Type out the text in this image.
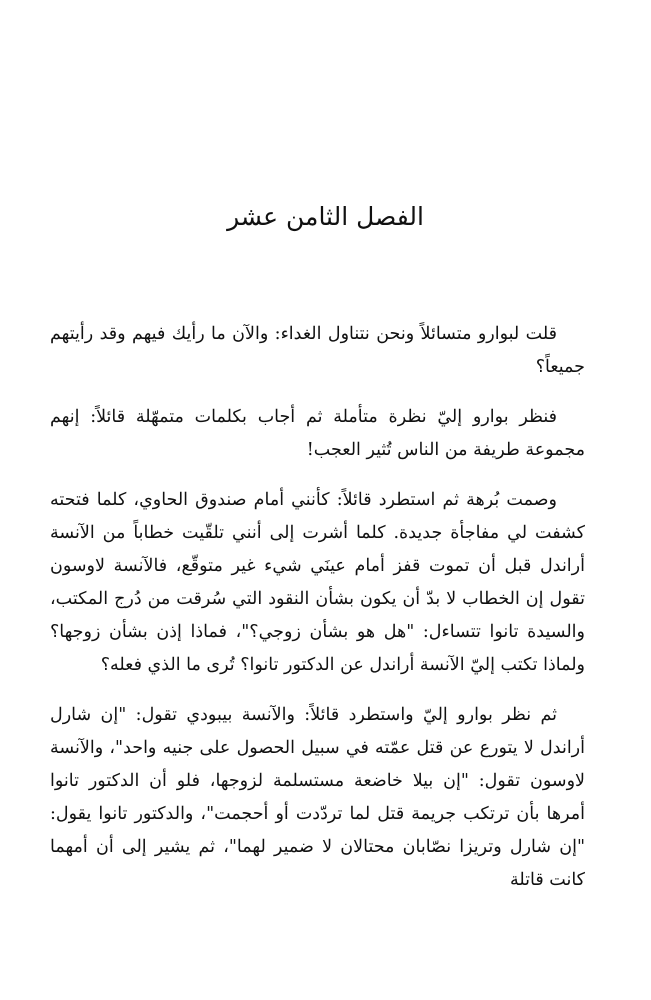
الفصل الثامن عشر

قلت لبوارو متسائلاً ونحن نتناول الغداء: والآن ما رأيك فيهم وقد رأيتهم جميعاً؟

فنظر بوارو إليّ نظرة متأملة ثم أجاب بكلمات متمهّلة قائلاً: إنهم مجموعة طريفة من الناس تُثير العجب!

وصمت بُرهة ثم استطرد قائلاً: كأنني أمام صندوق الحاوي، كلما فتحته كشفت لي مفاجأة جديدة. كلما أشرت إلى أنني تلقّيت خطاباً من الآنسة أراندل قبل أن تموت قفز أمام عينَي شيء غير متوقّع، فالآنسة لاوسون تقول إن الخطاب لا بدّ أن يكون بشأن النقود التي سُرقت من دُرج المكتب، والسيدة تانوا تتساءل: "هل هو بشأن زوجي؟"، فماذا إذن بشأن زوجها؟ ولماذا تكتب إليّ الآنسة أراندل عن الدكتور تانوا؟ تُرى ما الذي فعله؟

ثم نظر بوارو إليّ واستطرد قائلاً: والآنسة بيبودي تقول: "إن شارل أراندل لا يتورع عن قتل عمّته في سبيل الحصول على جنيه واحد"، والآنسة لاوسون تقول: "إن بيلا خاضعة مستسلمة لزوجها، فلو أن الدكتور تانوا أمرها بأن ترتكب جريمة قتل لما تردّدت أو أحجمت"، والدكتور تانوا يقول: "إن شارل وتريزا نصّابان محتالان لا ضمير لهما"، ثم يشير إلى أن أمهما كانت قاتلة
